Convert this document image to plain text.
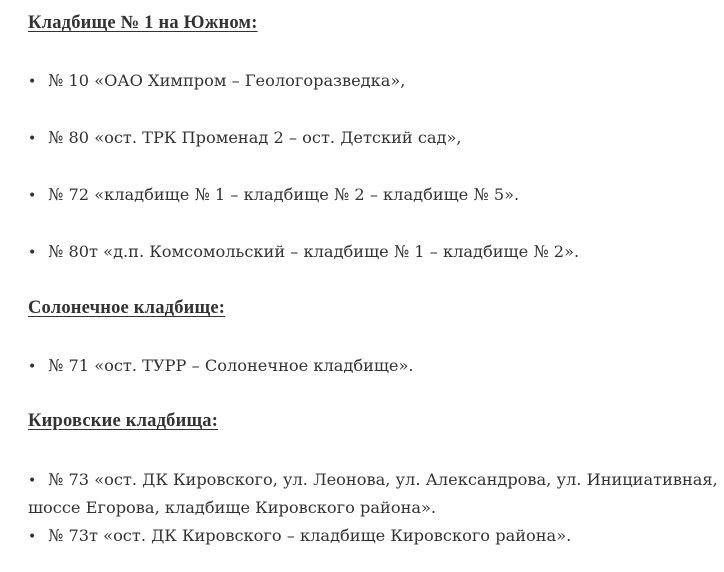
Кладбище № 1 на Южном:
• № 10 «ОАО Химпром – Геологоразведка»,
• № 80 «ост. ТРК Променад 2 – ост. Детский сад»,
• № 72 «кладбище № 1 – кладбище № 2 – кладбище № 5».
• № 80т «д.п. Комсомольский – кладбище № 1 – кладбище № 2».
Солонечное кладбище:
• № 71 «ост. ТУРР – Солонечное кладбище».
Кировские кладбища:
• № 73 «ост. ДК Кировского, ул. Леонова, ул. Александрова, ул. Инициативная,
шоссе Егорова, кладбище Кировского района».
• № 73т «ост. ДК Кировского – кладбище Кировского района».
